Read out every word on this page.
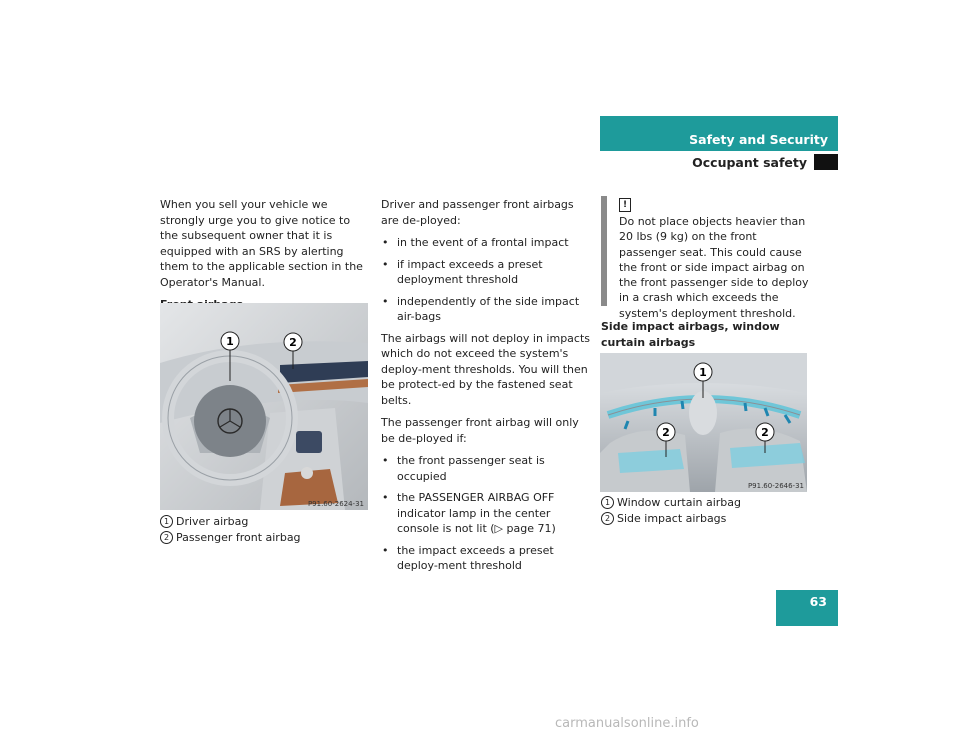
Safety and Security
Occupant safety

When you sell your vehicle we strongly urge you to give notice to the subsequent owner that it is equipped with an SRS by alerting them to the applicable section in the Operator's Manual.

1	2
P91.60-2624-31
1 Driver airbag
2 Passenger front airbag

Driver and passenger front airbags are de-ployed:

• in the event of a frontal impact
• if impact exceeds a preset deployment threshold
• independently of the side impact air-bags

The airbags will not deploy in impacts which do not exceed the system's deploy-ment thresholds. You will then be protect-ed by the fastened seat belts.

The passenger front airbag will only be de-ployed if:

• the front passenger seat is occupied
• the PASSENGER AIRBAG OFF indicator lamp in the center console is not lit (▷ page 71)
• the impact exceeds a preset deploy-ment threshold
!
Do not place objects heavier than 20 lbs (9 kg) on the front passenger seat. This could cause the front or side impact airbag on the front passenger side to deploy in a crash which exceeds the system's deployment threshold.
Side impact airbags, window curtain airbags
1
2	2
P91.60-2646-31
1 Window curtain airbag
2 Side impact airbags
63
carmanualsonline.info
